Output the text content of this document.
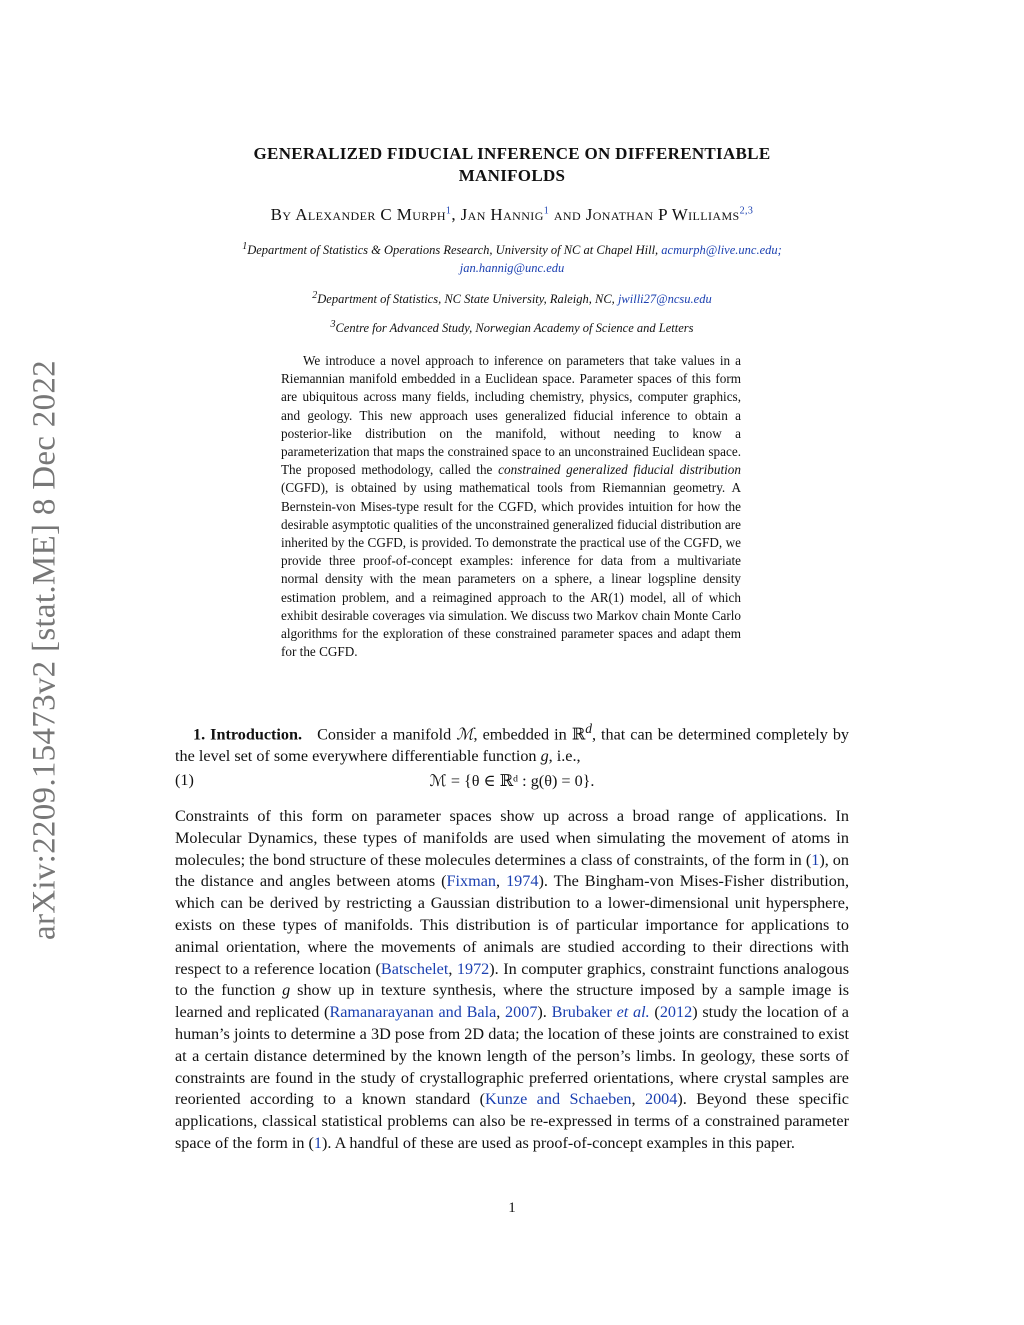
arXiv:2209.15473v2 [stat.ME] 8 Dec 2022
GENERALIZED FIDUCIAL INFERENCE ON DIFFERENTIABLE
MANIFOLDS
By Alexander C Murph$^1$, Jan Hannig$^1$ and Jonathan P Williams$^{2,3}$
$^1$Department of Statistics & Operations Research, University of NC at Chapel Hill, acmurph@live.unc.edu;
jan.hannig@unc.edu
$^2$Department of Statistics, NC State University, Raleigh, NC, jwilli27@ncsu.edu
$^3$Centre for Advanced Study, Norwegian Academy of Science and Letters
We introduce a novel approach to inference on parameters that take values in a Riemannian manifold embedded in a Euclidean space. Parameter spaces of this form are ubiquitous across many fields, including chemistry, physics, computer graphics, and geology. This new approach uses generalized fiducial inference to obtain a posterior-like distribution on the manifold, without needing to know a parameterization that maps the constrained space to an unconstrained Euclidean space. The proposed methodology, called the constrained generalized fiducial distribution (CGFD), is obtained by using mathematical tools from Riemannian geometry. A Bernstein-von Mises-type result for the CGFD, which provides intuition for how the desirable asymptotic qualities of the unconstrained generalized fiducial distribution are inherited by the CGFD, is provided. To demonstrate the practical use of the CGFD, we provide three proof-of-concept examples: inference for data from a multivariate normal density with the mean parameters on a sphere, a linear logspline density estimation problem, and a reimagined approach to the AR(1) model, all of which exhibit desirable coverages via simulation. We discuss two Markov chain Monte Carlo algorithms for the exploration of these constrained parameter spaces and adapt them for the CGFD.
1. Introduction. Consider a manifold ℳ, embedded in ℝ$^d$, that can be determined completely by the level set of some everywhere differentiable function g, i.e.,
(1)	ℳ = {θ ∈ ℝᵈ : g(θ) = 0}.
Constraints of this form on parameter spaces show up across a broad range of applications. In Molecular Dynamics, these types of manifolds are used when simulating the movement of atoms in molecules; the bond structure of these molecules determines a class of constraints, of the form in (1), on the distance and angles between atoms (Fixman, 1974). The Bingham-von Mises-Fisher distribution, which can be derived by restricting a Gaussian distribution to a lower-dimensional unit hypersphere, exists on these types of manifolds. This distribution is of particular importance for applications to animal orientation, where the movements of animals are studied according to their directions with respect to a reference location (Batschelet, 1972). In computer graphics, constraint functions analogous to the function g show up in texture synthesis, where the structure imposed by a sample image is learned and replicated (Ramanarayanan and Bala, 2007). Brubaker et al. (2012) study the location of a human’s joints to determine a 3D pose from 2D data; the location of these joints are constrained to exist at a certain distance determined by the known length of the person’s limbs. In geology, these sorts of constraints are found in the study of crystallographic preferred orientations, where crystal samples are reoriented according to a known standard (Kunze and Schaeben, 2004). Beyond these specific applications, classical statistical problems can also be re-expressed in terms of a constrained parameter space of the form in (1). A handful of these are used as proof-of-concept examples in this paper.
1
